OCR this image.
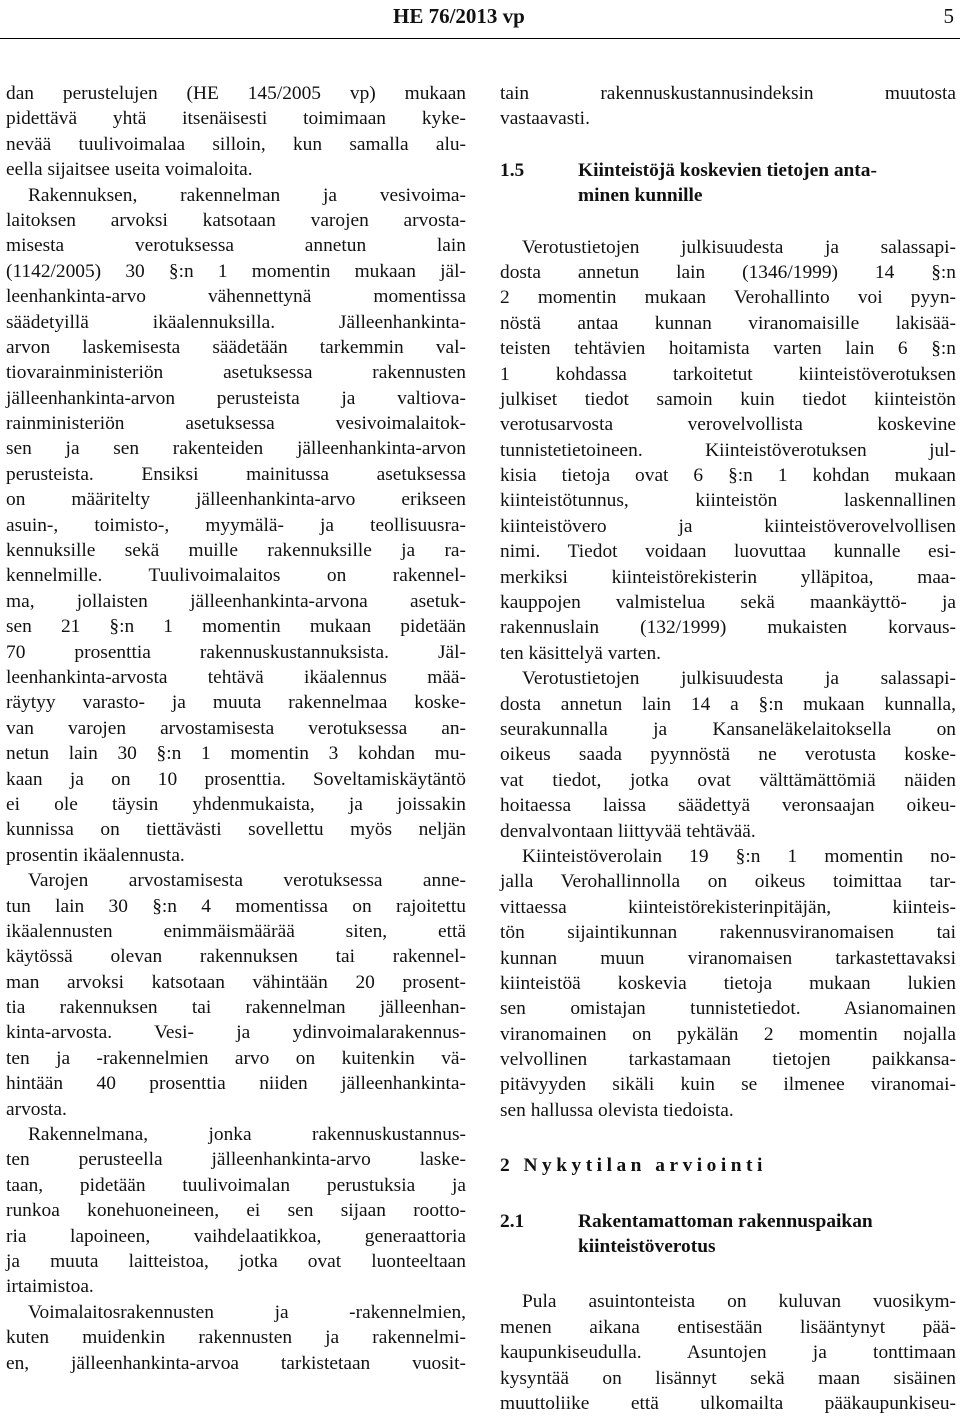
HE 76/2013 vp	5
dan perustelujen (HE 145/2005 vp) mukaan
pidettävä yhtä itsenäisesti toimimaan kyke-
nevää tuulivoimalaa silloin, kun samalla alu-
eella sijaitsee useita voimaloita.
Rakennuksen, rakennelman ja vesivoima-
laitoksen arvoksi katsotaan varojen arvosta-
misesta verotuksessa annetun lain
(1142/2005) 30 §:n 1 momentin mukaan jäl-
leenhankinta-arvo vähennettynä momentissa
säädetyillä ikäalennuksilla. Jälleenhankinta-
arvon laskemisesta säädetään tarkemmin val-
tiovarainministeriön asetuksessa rakennusten
jälleenhankinta-arvon perusteista ja valtiova-
rainministeriön asetuksessa vesivoimalaitok-
sen ja sen rakenteiden jälleenhankinta-arvon
perusteista. Ensiksi mainitussa asetuksessa
on määritelty jälleenhankinta-arvo erikseen
asuin-, toimisto-, myymälä- ja teollisuusra-
kennuksille sekä muille rakennuksille ja ra-
kennelmille. Tuulivoimalaitos on rakennel-
ma, jollaisten jälleenhankinta-arvona asetuk-
sen 21 §:n 1 momentin mukaan pidetään
70 prosenttia rakennuskustannuksista. Jäl-
leenhankinta-arvosta tehtävä ikäalennus mää-
räytyy varasto- ja muuta rakennelmaa koske-
van varojen arvostamisesta verotuksessa an-
netun lain 30 §:n 1 momentin 3 kohdan mu-
kaan ja on 10 prosenttia. Soveltamiskäytäntö
ei ole täysin yhdenmukaista, ja joissakin
kunnissa on tiettävästi sovellettu myös neljän
prosentin ikäalennusta.
Varojen arvostamisesta verotuksessa anne-
tun lain 30 §:n 4 momentissa on rajoitettu
ikäalennusten enimmäismäärää siten, että
käytössä olevan rakennuksen tai rakennel-
man arvoksi katsotaan vähintään 20 prosent-
tia rakennuksen tai rakennelman jälleenhan-
kinta-arvosta. Vesi- ja ydinvoimalarakennus-
ten ja -rakennelmien arvo on kuitenkin vä-
hintään 40 prosenttia niiden jälleenhankinta-
arvosta.
Rakennelmana, jonka rakennuskustannus-
ten perusteella jälleenhankinta-arvo laske-
taan, pidetään tuulivoimalan perustuksia ja
runkoa konehuoneineen, ei sen sijaan rootto-
ria lapoineen, vaihdelaatikkoa, generaattoria
ja muuta laitteistoa, jotka ovat luonteeltaan
irtaimistoa.
Voimalaitosrakennusten ja -rakennelmien,
kuten muidenkin rakennusten ja rakennelmi-
en, jälleenhankinta-arvoa tarkistetaan vuosit-
tain rakennuskustannusindeksin muutosta
vastaavasti.
1.5	Kiinteistöjä koskevien tietojen anta-
minen kunnille
Verotustietojen julkisuudesta ja salassapi-
dosta annetun lain (1346/1999) 14 §:n
2 momentin mukaan Verohallinto voi pyyn-
nöstä antaa kunnan viranomaisille lakisää-
teisten tehtävien hoitamista varten lain 6 §:n
1 kohdassa tarkoitetut kiinteistöverotuksen
julkiset tiedot samoin kuin tiedot kiinteistön
verotusarvosta verovelvollista koskevine
tunnistetietoineen. Kiinteistöverotuksen jul-
kisia tietoja ovat 6 §:n 1 kohdan mukaan
kiinteistötunnus, kiinteistön laskennallinen
kiinteistövero ja kiinteistöverovelvollisen
nimi. Tiedot voidaan luovuttaa kunnalle esi-
merkiksi kiinteistörekisterin ylläpitoa, maa-
kauppojen valmistelua sekä maankäyttö- ja
rakennuslain (132/1999) mukaisten korvaus-
ten käsittelyä varten.
Verotustietojen julkisuudesta ja salassapi-
dosta annetun lain 14 a §:n mukaan kunnalla,
seurakunnalla ja Kansaneläkelaitoksella on
oikeus saada pyynnöstä ne verotusta koske-
vat tiedot, jotka ovat välttämättömiä näiden
hoitaessa laissa säädettyä veronsaajan oikeu-
denvalvontaan liittyvää tehtävää.
Kiinteistöverolain 19 §:n 1 momentin no-
jalla Verohallinnolla on oikeus toimittaa tar-
vittaessa kiinteistörekisterinpitäjän, kiinteis-
tön sijaintikunnan rakennusviranomaisen tai
kunnan muun viranomaisen tarkastettavaksi
kiinteistöä koskevia tietoja mukaan lukien
sen omistajan tunnistetiedot. Asianomainen
viranomainen on pykälän 2 momentin nojalla
velvollinen tarkastamaan tietojen paikkansa-
pitävyyden sikäli kuin se ilmenee viranomai-
sen hallussa olevista tiedoista.
2 Nykytilan arviointi
2.1	Rakentamattoman rakennuspaikan
kiinteistöverotus
Pula asuintonteista on kuluvan vuosikym-
menen aikana entisestään lisääntynyt pää-
kaupunkiseudulla. Asuntojen ja tonttimaan
kysyntää on lisännyt sekä maan sisäinen
muuttoliike että ulkomailta pääkaupunkiseu-
